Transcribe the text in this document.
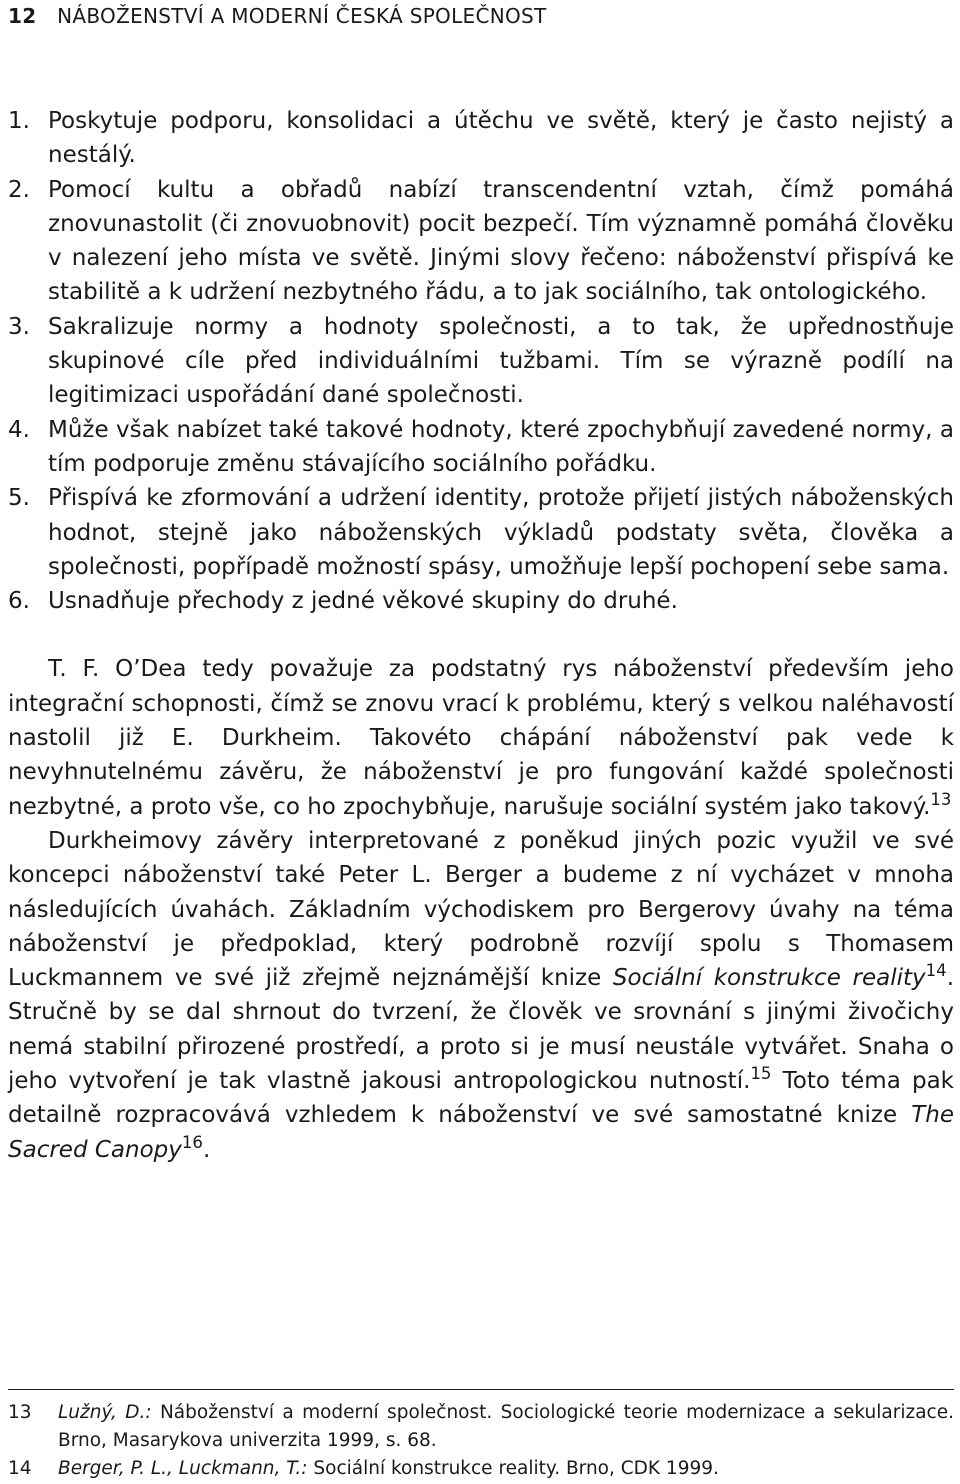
12 NÁBOŽENSTVÍ A MODERNÍ ČESKÁ SPOLEČNOST
1. Poskytuje podporu, konsolidaci a útěchu ve světě, který je často nejistý a nestálý.
2. Pomocí kultu a obřadů nabízí transcendentní vztah, čímž pomáhá znovunastolit (či znovuobnovit) pocit bezpečí. Tím významně pomáhá člověku v nalezení jeho místa ve světě. Jinými slovy řečeno: náboženství přispívá ke stabilitě a k udržení nezbytného řádu, a to jak sociálního, tak ontologického.
3. Sakralizuje normy a hodnoty společnosti, a to tak, že upřednostňuje skupinové cíle před individuálními tužbami. Tím se výrazně podílí na legitimizaci uspořádání dané společnosti.
4. Může však nabízet také takové hodnoty, které zpochybňují zavedené normy, a tím podporuje změnu stávajícího sociálního pořádku.
5. Přispívá ke zformování a udržení identity, protože přijetí jistých náboženských hodnot, stejně jako náboženských výkladů podstaty světa, člověka a společnosti, popřípadě možností spásy, umožňuje lepší pochopení sebe sama.
6. Usnadňuje přechody z jedné věkové skupiny do druhé.

T. F. O’Dea tedy považuje za podstatný rys náboženství především jeho integrační schopnosti, čímž se znovu vrací k problému, který s velkou naléhavostí nastolil již E. Durkheim. Takovéto chápání náboženství pak vede k nevyhnutelnému závěru, že náboženství je pro fungování každé společnosti nezbytné, a proto vše, co ho zpochybňuje, narušuje sociální systém jako takový.$^{13}$

Durkheimovy závěry interpretované z poněkud jiných pozic využil ve své koncepci náboženství také Peter L. Berger a budeme z ní vycházet v mnoha následujících úvahách. Základním východiskem pro Bergerovy úvahy na téma náboženství je předpoklad, který podrobně rozvíjí spolu s Thomasem Luckmannem ve své již zřejmě nejznámější knize Sociální konstrukce reality$^{14}$. Stručně by se dal shrnout do tvrzení, že člověk ve srovnání s jinými živočichy nemá stabilní přirozené prostředí, a proto si je musí neustále vytvářet. Snaha o jeho vytvoření je tak vlastně jakousi antropologickou nutností.$^{15}$ Toto téma pak detailně rozpracovává vzhledem k náboženství ve své samostatné knize The Sacred Canopy$^{16}$.

13 Lužný, D.: Náboženství a moderní společnost. Sociologické teorie modernizace a sekularizace. Brno, Masarykova univerzita 1999, s. 68.
14 Berger, P. L., Luckmann, T.: Sociální konstrukce reality. Brno, CDK 1999.
